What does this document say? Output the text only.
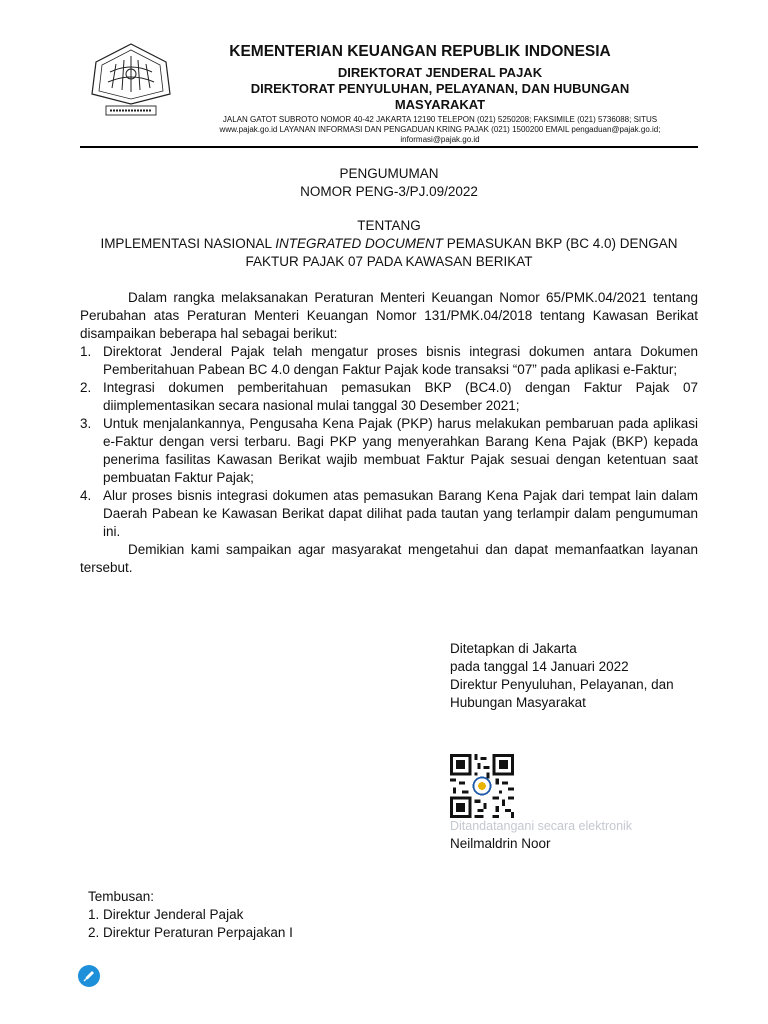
KEMENTERIAN KEUANGAN REPUBLIK INDONESIA
DIREKTORAT JENDERAL PAJAK
DIREKTORAT PENYULUHAN, PELAYANAN, DAN HUBUNGAN
MASYARAKAT
JALAN GATOT SUBROTO NOMOR 40-42 JAKARTA 12190 TELEPON (021) 5250208; FAKSIMILE (021) 5736088; SITUS www.pajak.go.id LAYANAN INFORMASI DAN PENGADUAN KRING PAJAK (021) 1500200 EMAIL pengaduan@pajak.go.id; informasi@pajak.go.id
PENGUMUMAN
NOMOR PENG-3/PJ.09/2022
TENTANG
IMPLEMENTASI NASIONAL INTEGRATED DOCUMENT PEMASUKAN BKP (BC 4.0) DENGAN
FAKTUR PAJAK 07 PADA KAWASAN BERIKAT

Dalam rangka melaksanakan Peraturan Menteri Keuangan Nomor 65/PMK.04/2021 tentang Perubahan atas Peraturan Menteri Keuangan Nomor 131/PMK.04/2018 tentang Kawasan Berikat disampaikan beberapa hal sebagai berikut:

1. Direktorat Jenderal Pajak telah mengatur proses bisnis integrasi dokumen antara Dokumen Pemberitahuan Pabean BC 4.0 dengan Faktur Pajak kode transaksi “07” pada aplikasi e-Faktur;
2. Integrasi dokumen pemberitahuan pemasukan BKP (BC4.0) dengan Faktur Pajak 07 diimplementasikan secara nasional mulai tanggal 30 Desember 2021;
3. Untuk menjalankannya, Pengusaha Kena Pajak (PKP) harus melakukan pembaruan pada aplikasi e-Faktur dengan versi terbaru. Bagi PKP yang menyerahkan Barang Kena Pajak (BKP) kepada penerima fasilitas Kawasan Berikat wajib membuat Faktur Pajak sesuai dengan ketentuan saat pembuatan Faktur Pajak;
4. Alur proses bisnis integrasi dokumen atas pemasukan Barang Kena Pajak dari tempat lain dalam Daerah Pabean ke Kawasan Berikat dapat dilihat pada tautan yang terlampir dalam pengumuman ini.

Demikian kami sampaikan agar masyarakat mengetahui dan dapat memanfaatkan layanan tersebut.

Ditetapkan di Jakarta
pada tanggal 14 Januari 2022
Direktur Penyuluhan, Pelayanan, dan
Hubungan Masyarakat
Ditandatangani secara elektronik
Neilmaldrin Noor
Tembusan:
1. Direktur Jenderal Pajak
2. Direktur Peraturan Perpajakan I
